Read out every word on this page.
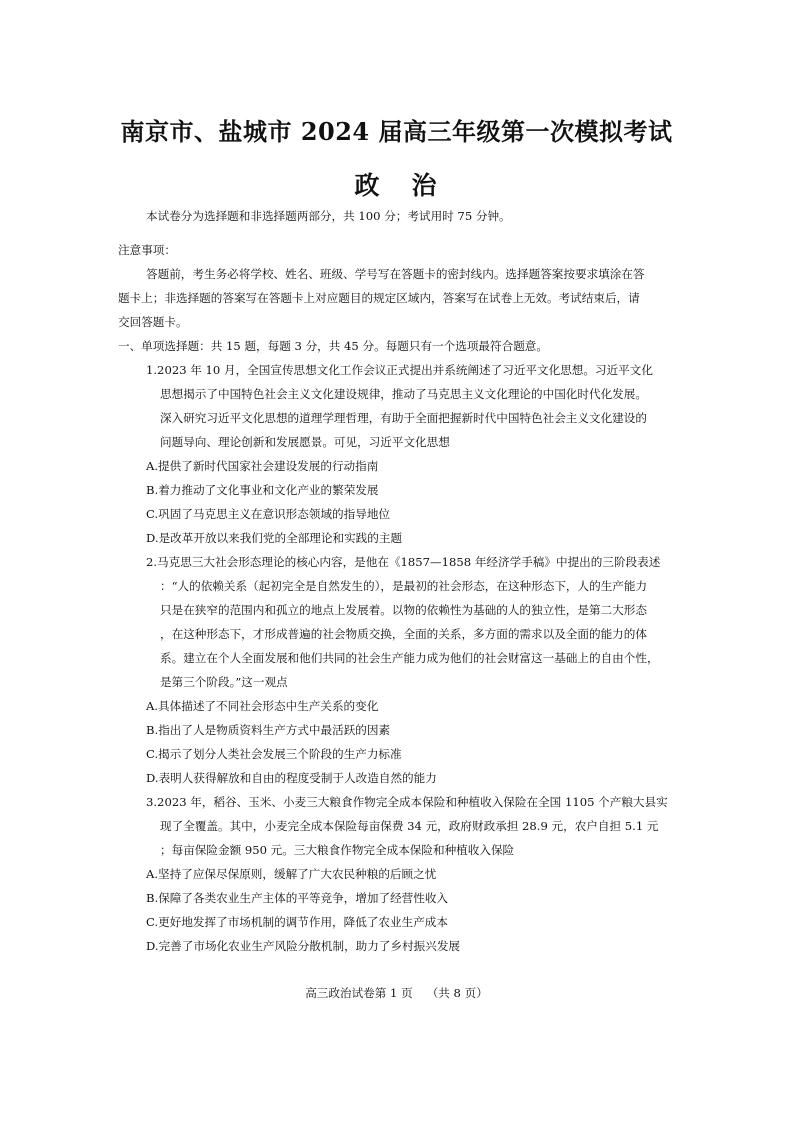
南京市、盐城市 2024 届高三年级第一次模拟考试
政 治
本试卷分为选择题和非选择题两部分，共 100 分；考试用时 75 分钟。
注意事项：
答题前，考生务必将学校、姓名、班级、学号写在答题卡的密封线内。选择题答案按要求填涂在答
题卡上；非选择题的答案写在答题卡上对应题目的规定区域内，答案写在试卷上无效。考试结束后，请
交回答题卡。
一、单项选择题：共 15 题，每题 3 分，共 45 分。每题只有一个选项最符合题意。
1.2023 年 10 月，全国宣传思想文化工作会议正式提出并系统阐述了习近平文化思想。习近平文化
思想揭示了中国特色社会主义文化建设规律，推动了马克思主义文化理论的中国化时代化发展。
深入研究习近平文化思想的道理学理哲理，有助于全面把握新时代中国特色社会主义文化建设的
问题导向、理论创新和发展愿景。可见，习近平文化思想
A.提供了新时代国家社会建设发展的行动指南
B.着力推动了文化事业和文化产业的繁荣发展
C.巩固了马克思主义在意识形态领域的指导地位
D.是改革开放以来我们党的全部理论和实践的主题
2.马克思三大社会形态理论的核心内容，是他在《1857—1858 年经济学手稿》中提出的三阶段表述
：“人的依赖关系（起初完全是自然发生的），是最初的社会形态，在这种形态下，人的生产能力
只是在狭窄的范围内和孤立的地点上发展着。以物的依赖性为基础的人的独立性，是第二大形态
，在这种形态下，才形成普遍的社会物质交换，全面的关系，多方面的需求以及全面的能力的体
系。建立在个人全面发展和他们共同的社会生产能力成为他们的社会财富这一基础上的自由个性，
是第三个阶段。”这一观点
A.具体描述了不同社会形态中生产关系的变化
B.指出了人是物质资料生产方式中最活跃的因素
C.揭示了划分人类社会发展三个阶段的生产力标准
D.表明人获得解放和自由的程度受制于人改造自然的能力
3.2023 年，稻谷、玉米、小麦三大粮食作物完全成本保险和种植收入保险在全国 1105 个产粮大县实
现了全覆盖。其中，小麦完全成本保险每亩保费 34 元，政府财政承担 28.9 元，农户自担 5.1 元
；每亩保险金额 950 元。三大粮食作物完全成本保险和种植收入保险
A.坚持了应保尽保原则，缓解了广大农民种粮的后顾之忧
B.保障了各类农业生产主体的平等竞争，增加了经营性收入
C.更好地发挥了市场机制的调节作用，降低了农业生产成本
D.完善了市场化农业生产风险分散机制，助力了乡村振兴发展
高三政治试卷第 1 页 （共 8 页）
